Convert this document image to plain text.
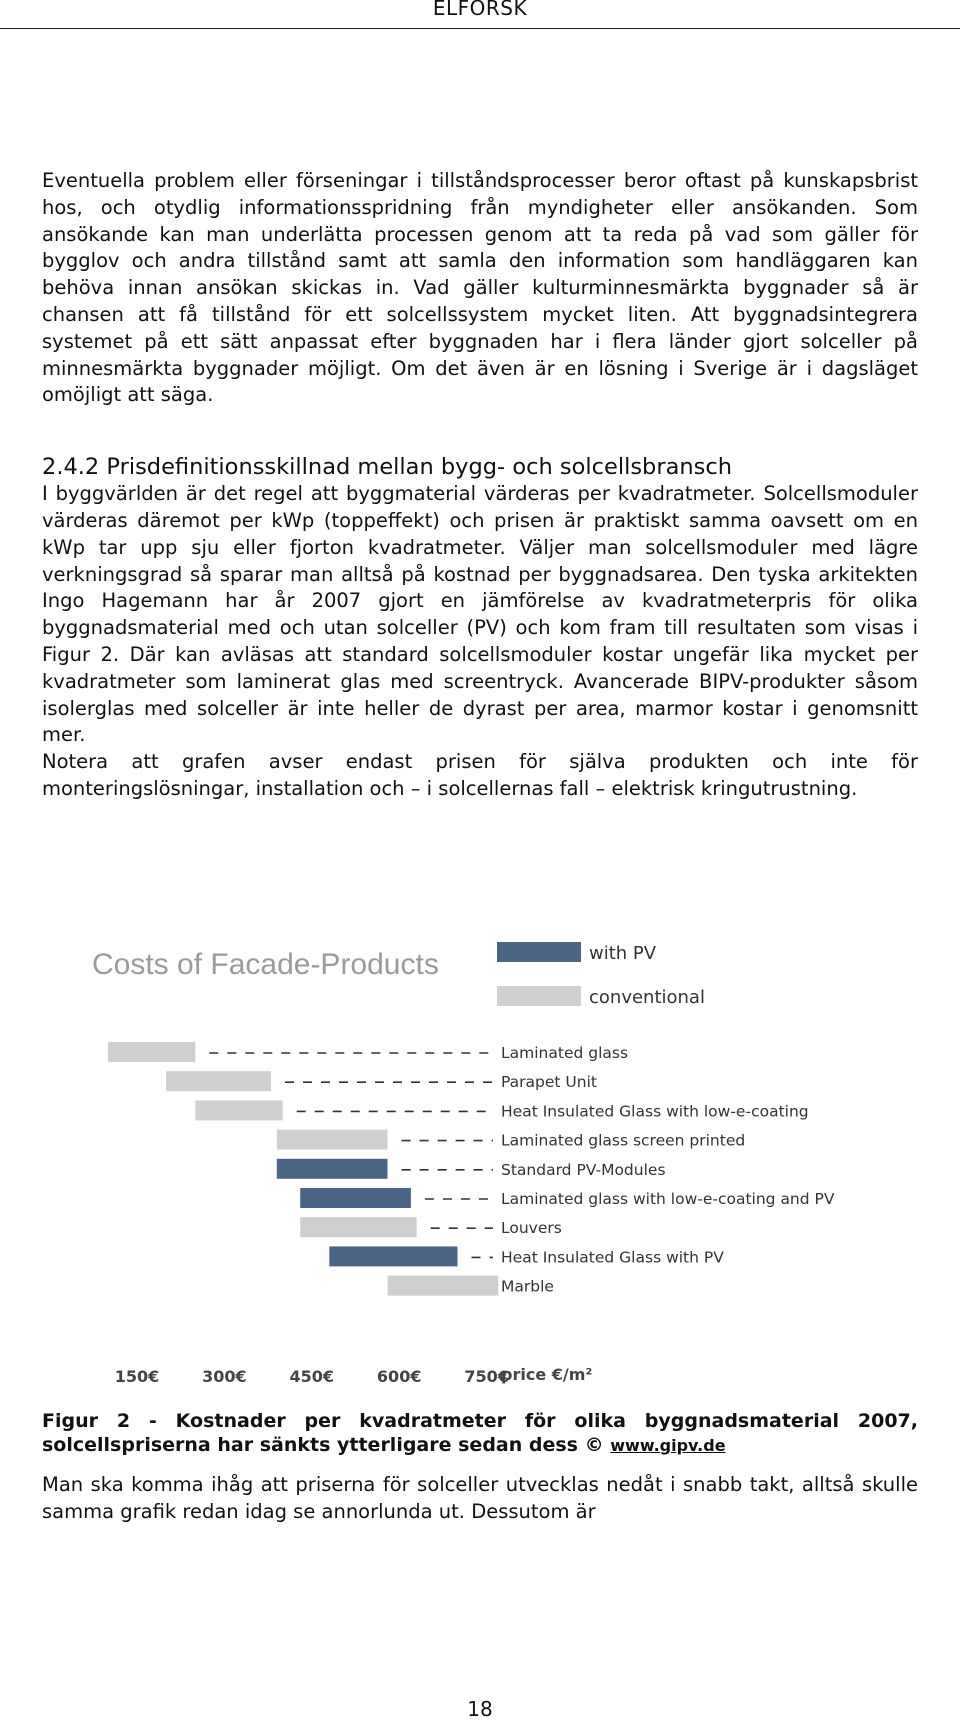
ELFORSK

Eventuella problem eller förseningar i tillståndsprocesser beror oftast på kunskapsbrist hos, och otydlig informationsspridning från myndigheter eller ansökanden. Som ansökande kan man underlätta processen genom att ta reda på vad som gäller för bygglov och andra tillstånd samt att samla den information som handläggaren kan behöva innan ansökan skickas in. Vad gäller kulturminnesmärkta byggnader så är chansen att få tillstånd för ett solcellssystem mycket liten. Att byggnadsintegrera systemet på ett sätt anpassat efter byggnaden har i flera länder gjort solceller på minnesmärkta byggnader möjligt. Om det även är en lösning i Sverige är i dagsläget omöjligt att säga.

2.4.2 Prisdefinitionsskillnad mellan bygg- och solcellsbransch

I byggvärlden är det regel att byggmaterial värderas per kvadratmeter. Solcellsmoduler värderas däremot per kWp (toppeffekt) och prisen är praktiskt samma oavsett om en kWp tar upp sju eller fjorton kvadratmeter. Väljer man solcellsmoduler med lägre verkningsgrad så sparar man alltså på kostnad per byggnadsarea. Den tyska arkitekten Ingo Hagemann har år 2007 gjort en jämförelse av kvadratmeterpris för olika byggnadsmaterial med och utan solceller (PV) och kom fram till resultaten som visas i Figur 2. Där kan avläsas att standard solcellsmoduler kostar ungefär lika mycket per kvadratmeter som laminerat glas med screentryck. Avancerade BIPV-produkter såsom isolerglas med solceller är inte heller de dyrast per area, marmor kostar i genomsnitt mer.

Notera att grafen avser endast prisen för själva produkten och inte för monteringslösningar, installation och – i solcellernas fall – elektrisk kringutrustning.

Costs of Facade-Products	with PV
conventional
Laminated glass
Parapet Unit
Heat Insulated Glass with low-e-coating
Laminated glass screen printed
Standard PV-Modules
Laminated glass with low-e-coating and PV
Louvers
Heat Insulated Glass with PV
Marble
150€	300€	450€	600€	750€
price €/m²
Figur 2 - Kostnader per kvadratmeter för olika byggnadsmaterial 2007, solcellspriserna har sänkts ytterligare sedan dess © www.gipv.de

Man ska komma ihåg att priserna för solceller utvecklas nedåt i snabb takt, alltså skulle samma grafik redan idag se annorlunda ut. Dessutom är

18
